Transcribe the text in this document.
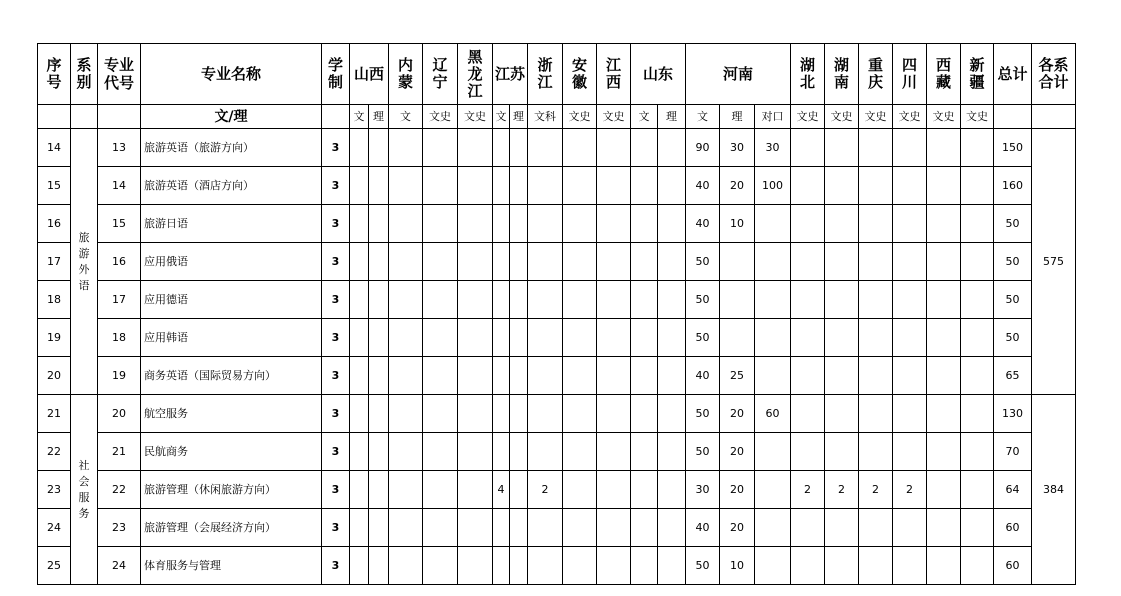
序号	系别	专业代号	专业名称	学制	山西		内蒙	辽宁	黑龙江	江苏		浙江	安徽	江西	山东		河南			湖北	湖南	重庆	四川	西藏	新疆	总计	各系合计
			文/理		文	理	文	文史	文史	文	理	文科	文史	文史	文	理	文	理	对口	文史	文史	文史	文史	文史	文史		
14	旅游外语	13	旅游英语（旅游方向）	3													90	30	30							150	575
15		14	旅游英语（酒店方向）	3													40	20	100							160	
16		15	旅游日语	3													40	10								50	
17		16	应用俄语	3													50									50	
18		17	应用德语	3													50									50	
19		18	应用韩语	3													50									50	
20		19	商务英语（国际贸易方向）	3													40	25								65	
21	社会服务	20	航空服务	3													50	20	60							130	384
22		21	民航商务	3													50	20								70	
23		22	旅游管理（休闲旅游方向）	3						4		2					30	20		2	2	2	2			64	
24		23	旅游管理（会展经济方向）	3													40	20								60	
25		24	体育服务与管理	3													50	10								60	
